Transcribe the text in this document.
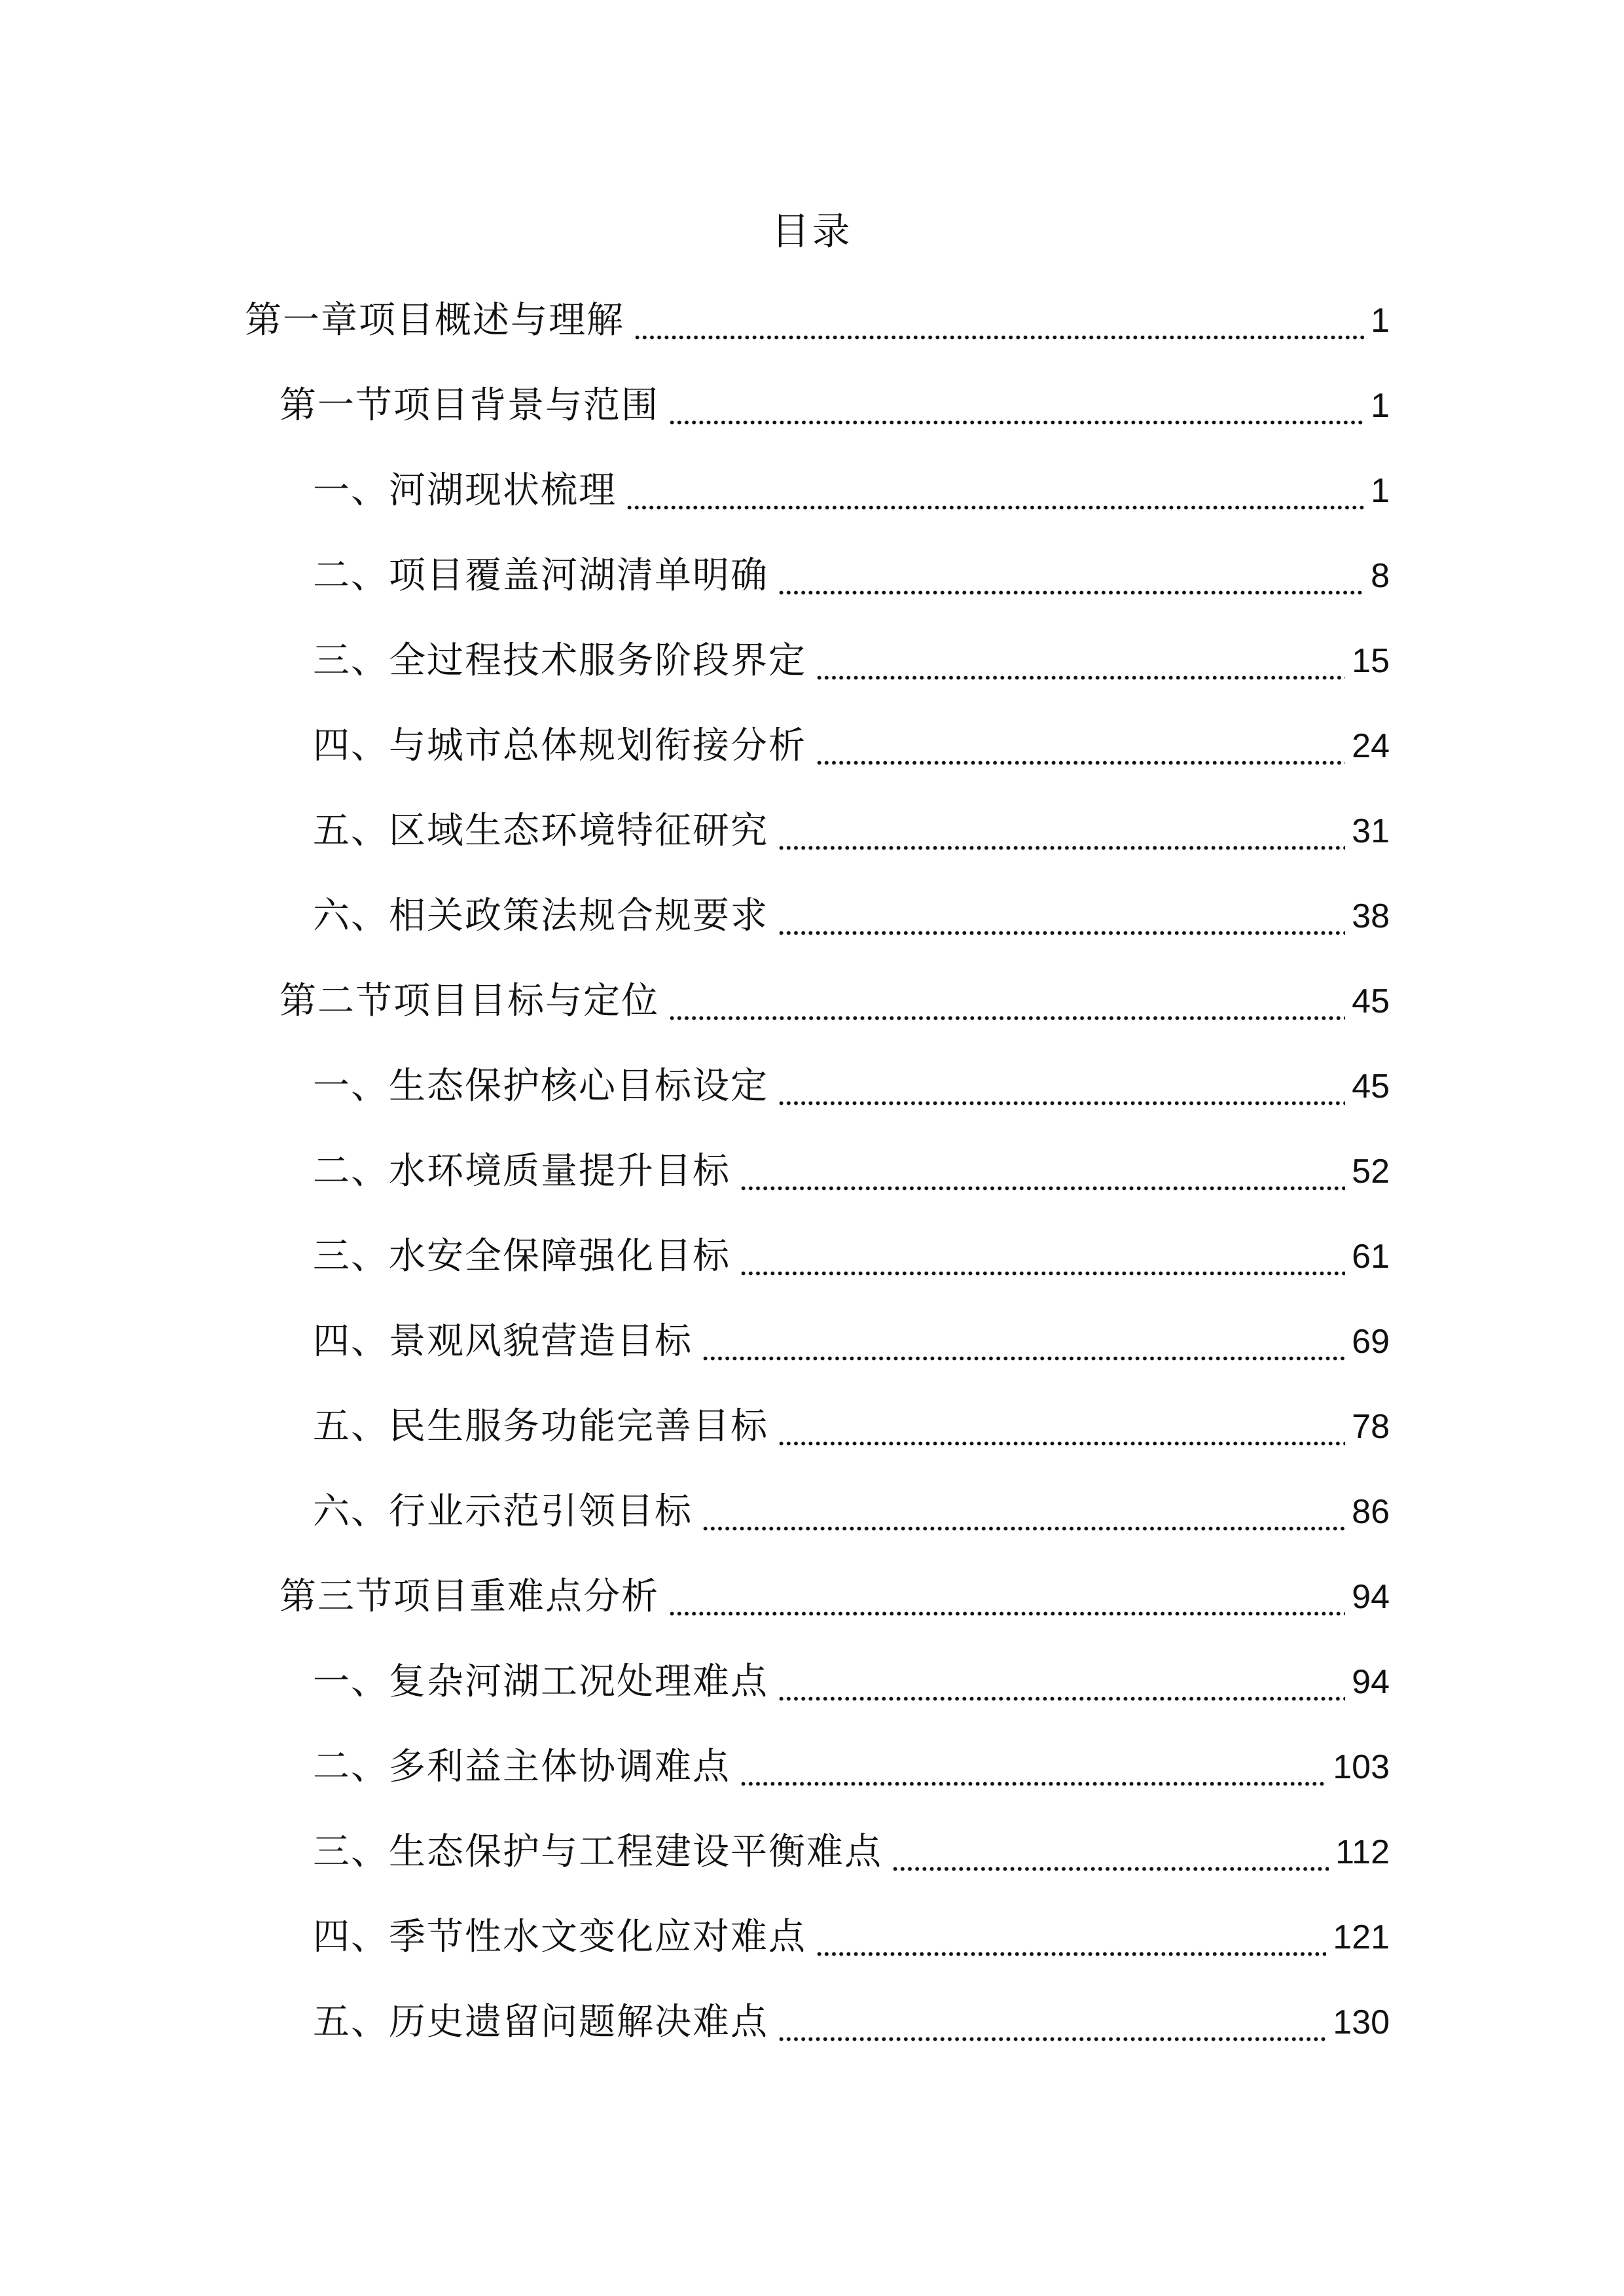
目录
第一章项目概述与理解	1
第一节项目背景与范围	1
一、河湖现状梳理	1
二、项目覆盖河湖清单明确	8
三、全过程技术服务阶段界定	15
四、与城市总体规划衔接分析	24
五、区域生态环境特征研究	31
六、相关政策法规合规要求	38
第二节项目目标与定位	45
一、生态保护核心目标设定	45
二、水环境质量提升目标	52
三、水安全保障强化目标	61
四、景观风貌营造目标	69
五、民生服务功能完善目标	78
六、行业示范引领目标	86
第三节项目重难点分析	94
一、复杂河湖工况处理难点	94
二、多利益主体协调难点	103
三、生态保护与工程建设平衡难点	112
四、季节性水文变化应对难点	121
五、历史遗留问题解决难点	130
